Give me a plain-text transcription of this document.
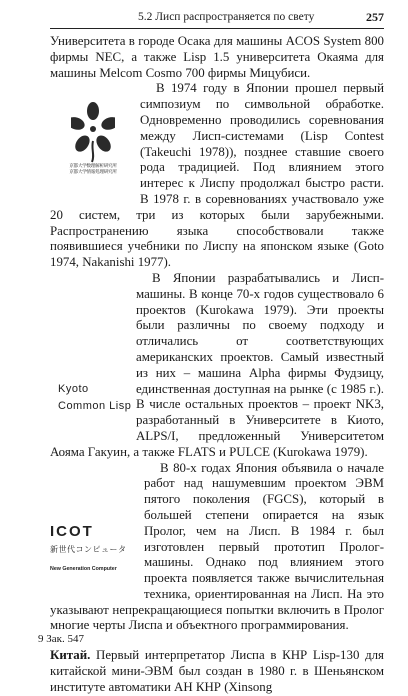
5.2 Лисп распространяется по свету	257

Университета в городе Осака для машины ACOS System 800 фирмы NEC, а также Lisp 1.5 университета Окаяма для машины Melcom Cosmo 700 фирмы Мицубиси.

京都大学数理解析研究所
京都大学情報処理研究所

В 1974 году в Японии прошел первый симпозиум по символьной обработке. Одновременно проводились соревнования между Лисп-системами (Lisp Contest (Takeuchi 1978)), позднее ставшие своего рода традицией. Под влиянием этого интерес к Лиспу продолжал быстро расти. В 1978 г. в соревнованиях участвовало уже 20 систем, три из которых были зарубежными. Распространению языка способствовали также появившиеся учебники по Лиспу на японском языке (Goto 1974, Nakanishi 1977).

Kyoto
Common Lisp

В Японии разрабатывались и Лисп-машины. В конце 70-х годов существовало 6 проектов (Kurokawa 1979). Эти проекты были различны по своему подходу и отличались от соответствующих американских проектов. Самый известный из них – машина Alpha фирмы Фудзицу, единственная доступная на рынке (с 1985 г.). В числе остальных проектов – проект NK3, разработанный в Университете в Киото, ALPS/I, предложенный Университетом Аояма Гакуин, а также FLATS и PULCE (Kurokawa 1979).

ICOT
新世代コンピュータ
New Generation Computer

В 80-х годах Япония объявила о начале работ над нашумевшим проектом ЭВМ пятого поколения (FGCS), который в большей степени опирается на язык Пролог, чем на Лисп. В 1984 г. был изготовлен первый прототип Пролог-машины. Однако под влиянием этого проекта появляется также вычислительная техника, ориентированная на Лисп. На это указывают непрекращающиеся попытки включить в Пролог многие черты Лиспа и объектного программирования.

Китай. Первый интерпретатор Лиспа в КНР Lisp-130 для китайской мини-ЭВМ был создан в 1980 г. в Шеньянском институте автоматики АН КНР (Xinsong

9 Зак. 547
